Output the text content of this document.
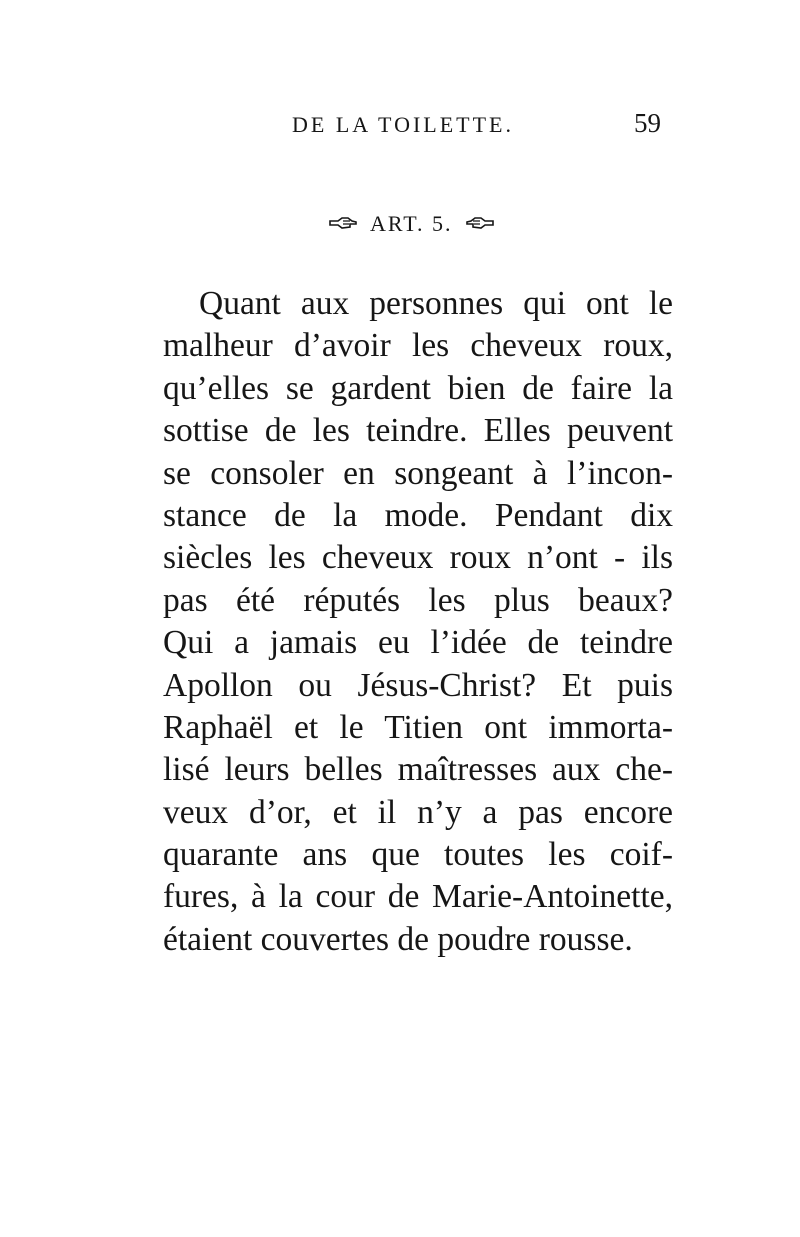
DE LA TOILETTE.	59
ART. 5.
Quant aux personnes qui ont le
malheur d’avoir les cheveux roux,
qu’elles se gardent bien de faire la
sottise de les teindre. Elles peuvent
se consoler en songeant à l’incon-
stance de la mode. Pendant dix
siècles les cheveux roux n’ont - ils
pas été réputés les plus beaux?
Qui a jamais eu l’idée de teindre
Apollon ou Jésus-Christ? Et puis
Raphaël et le Titien ont immorta-
lisé leurs belles maîtresses aux che-
veux d’or, et il n’y a pas encore
quarante ans que toutes les coif-
fures, à la cour de Marie-Antoinette,
étaient couvertes de poudre rousse.
